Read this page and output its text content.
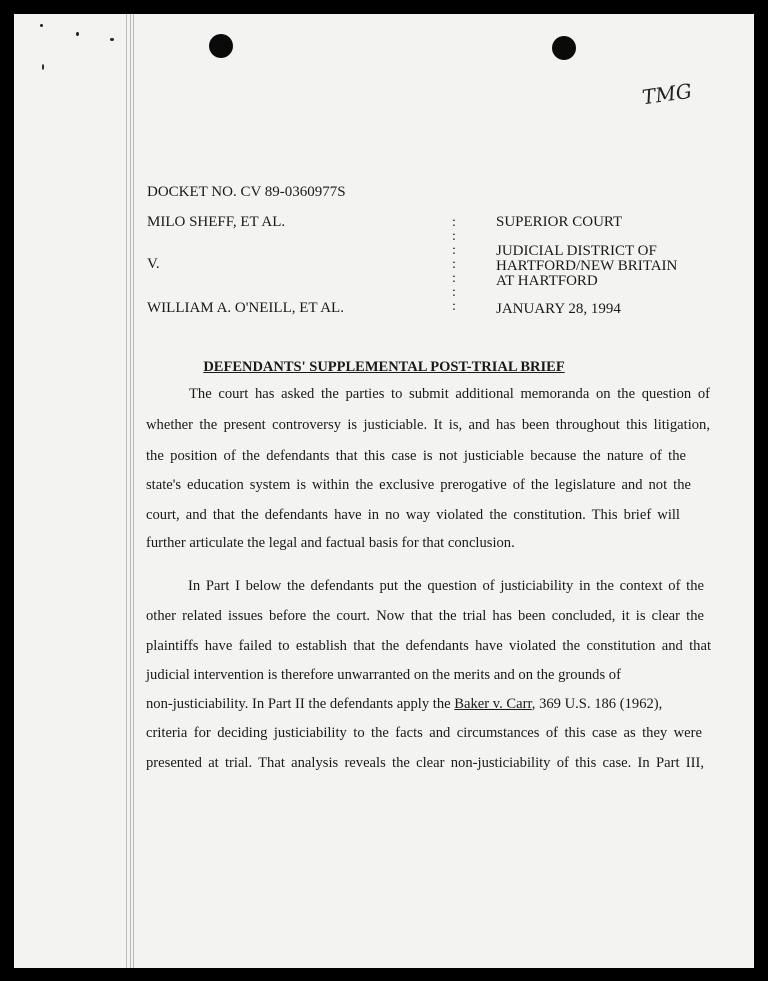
TMG
DOCKET NO. CV 89-0360977S
MILO SHEFF, ET AL.
V.
WILLIAM A. O'NEILL, ET AL.
:
:
:
:
:
:
:
SUPERIOR COURT
JUDICIAL DISTRICT OF
HARTFORD/NEW BRITAIN
AT HARTFORD
JANUARY 28, 1994
DEFENDANTS' SUPPLEMENTAL POST-TRIAL BRIEF
The court has asked the parties to submit additional memoranda on the question of
whether the present controversy is justiciable. It is, and has been throughout this litigation,
the position of the defendants that this case is not justiciable because the nature of the
state's education system is within the exclusive prerogative of the legislature and not the
court, and that the defendants have in no way violated the constitution. This brief will
further articulate the legal and factual basis for that conclusion.
In Part I below the defendants put the question of justiciability in the context of the
other related issues before the court. Now that the trial has been concluded, it is clear the
plaintiffs have failed to establish that the defendants have violated the constitution and that
judicial intervention is therefore unwarranted on the merits and on the grounds of
non-justiciability. In Part II the defendants apply the Baker v. Carr, 369 U.S. 186 (1962),
criteria for deciding justiciability to the facts and circumstances of this case as they were
presented at trial. That analysis reveals the clear non-justiciability of this case. In Part III,
